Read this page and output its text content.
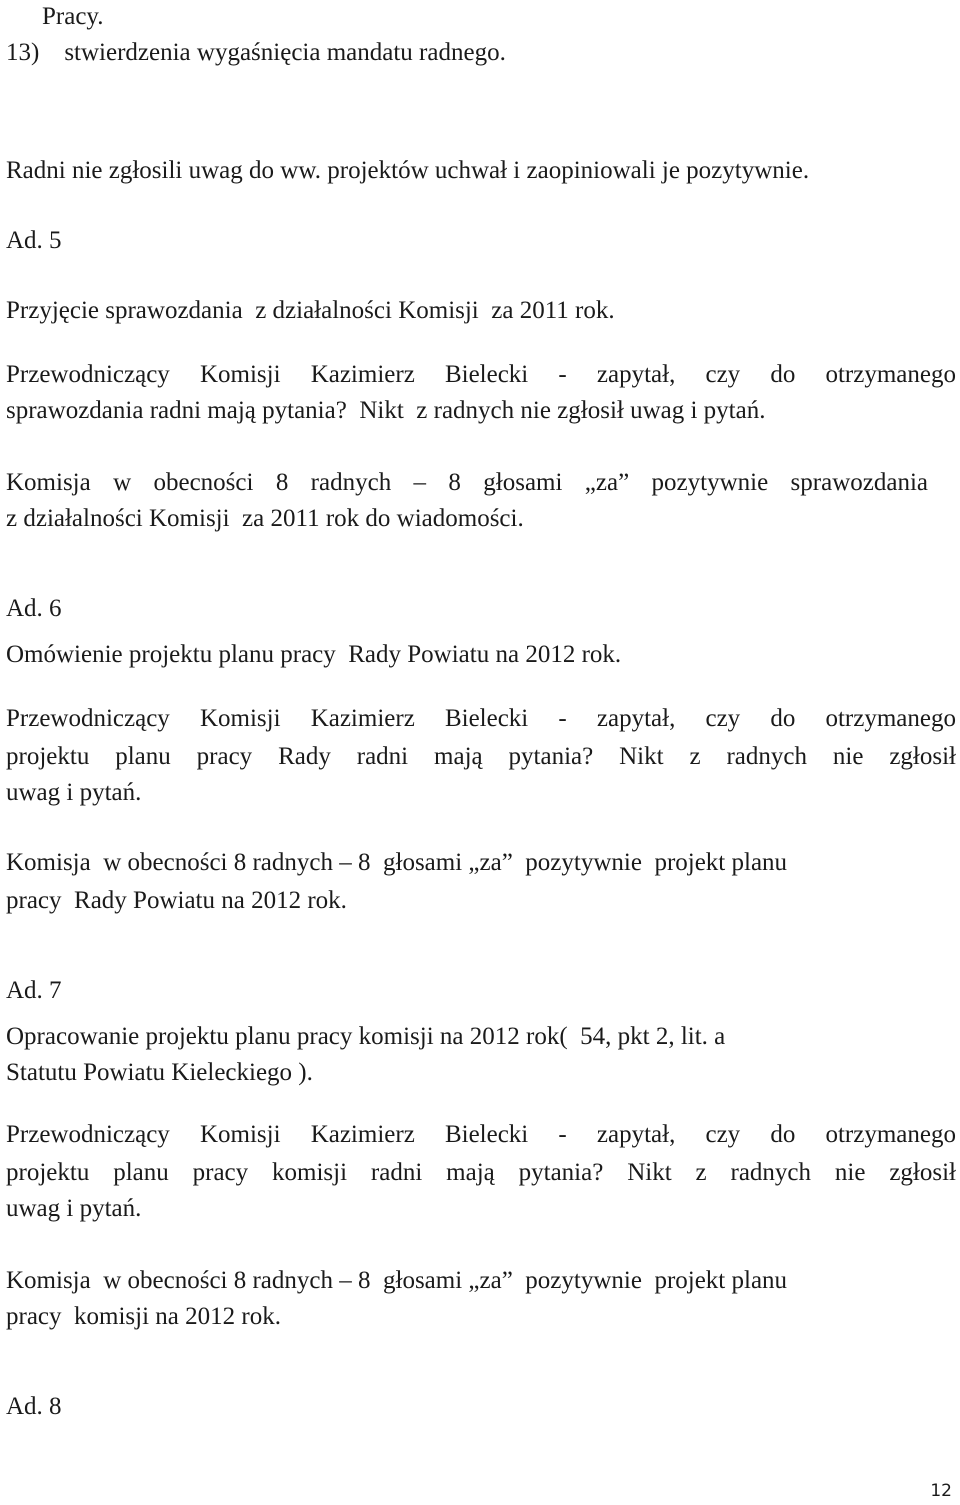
Pracy.

13)    stwierdzenia wygaśnięcia mandatu radnego.

Radni nie zgłosili uwag do ww. projektów uchwał i zaopiniowali je pozytywnie.

Ad. 5

Przyjęcie sprawozdania  z działalności Komisji  za 2011 rok.

Przewodniczący Komisji Kazimierz Bielecki - zapytał, czy do otrzymanego

sprawozdania radni mają pytania?  Nikt  z radnych nie zgłosił uwag i pytań.

Komisja w obecności 8 radnych – 8 głosami „za” pozytywnie sprawozdania

z działalności Komisji  za 2011 rok do wiadomości.

Ad. 6

Omówienie projektu planu pracy  Rady Powiatu na 2012 rok.

Przewodniczący Komisji Kazimierz Bielecki - zapytał, czy do otrzymanego

projektu planu pracy Rady radni mają pytania? Nikt z radnych nie zgłosił

uwag i pytań.

Komisja  w obecności 8 radnych – 8  głosami „za”  pozytywnie  projekt planu

pracy  Rady Powiatu na 2012 rok.

Ad. 7

Opracowanie projektu planu pracy komisji na 2012 rok(  54, pkt 2, lit. a

Statutu Powiatu Kieleckiego ).

Przewodniczący Komisji Kazimierz Bielecki - zapytał, czy do otrzymanego

projektu planu pracy komisji radni mają pytania? Nikt z radnych nie zgłosił

uwag i pytań.

Komisja  w obecności 8 radnych – 8  głosami „za”  pozytywnie  projekt planu

pracy  komisji na 2012 rok.

Ad. 8

12
